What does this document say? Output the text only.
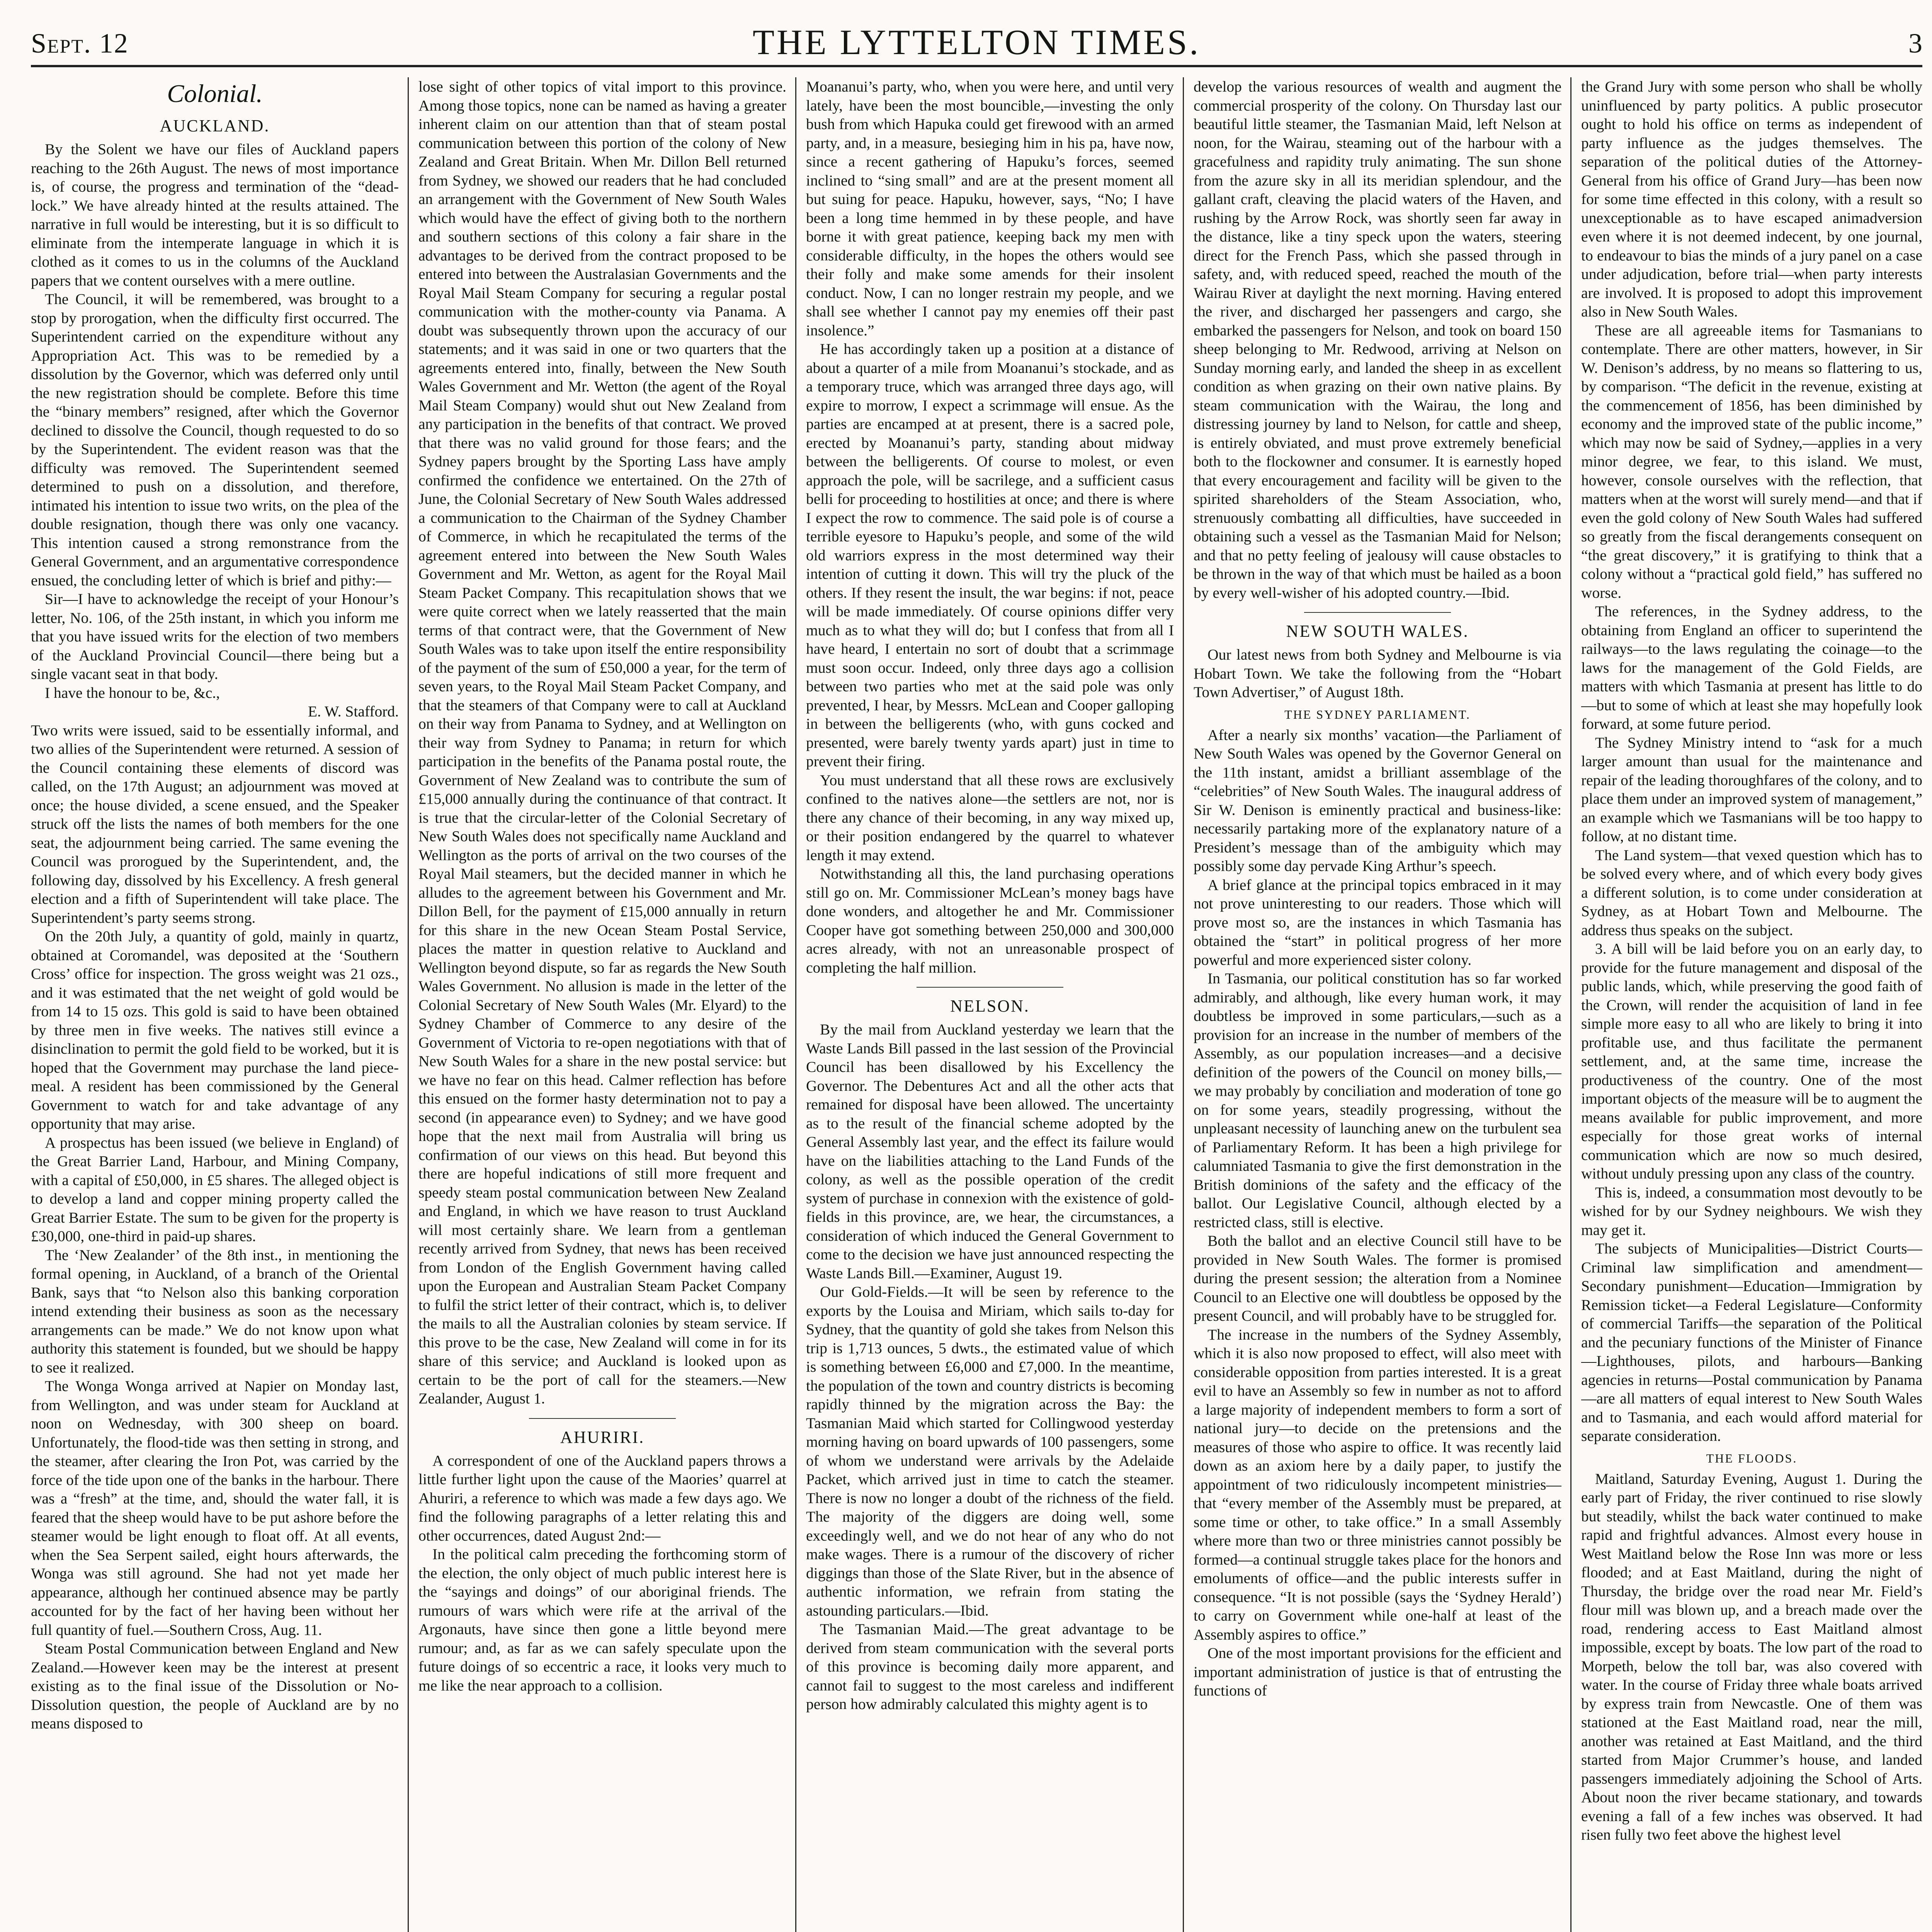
Sept. 12	THE LYTTELTON TIMES.	3
Colonial.
AUCKLAND.

By the Solent we have our files of Auckland papers reaching to the 26th August. The news of most importance is, of course, the progress and termination of the “dead-lock.” We have already hinted at the results attained. The narrative in full would be interesting, but it is so difficult to eliminate from the intemperate language in which it is clothed as it comes to us in the columns of the Auckland papers that we content ourselves with a mere outline.

The Council, it will be remembered, was brought to a stop by prorogation, when the difficulty first occurred. The Superintendent carried on the expenditure without any Appropriation Act. This was to be remedied by a dissolution by the Governor, which was deferred only until the new registration should be complete. Before this time the “binary members” resigned, after which the Governor declined to dissolve the Council, though requested to do so by the Superintendent. The evident reason was that the difficulty was removed. The Superintendent seemed determined to push on a dissolution, and therefore, intimated his intention to issue two writs, on the plea of the double resignation, though there was only one vacancy. This intention caused a strong remonstrance from the General Government, and an argumentative correspondence ensued, the concluding letter of which is brief and pithy:—

Sir—I have to acknowledge the receipt of your Honour’s letter, No. 106, of the 25th instant, in which you inform me that you have issued writs for the election of two members of the Auckland Provincial Council—there being but a single vacant seat in that body.

I have the honour to be, &c.,

E. W. Stafford.

Two writs were issued, said to be essentially informal, and two allies of the Superintendent were returned. A session of the Council containing these elements of discord was called, on the 17th August; an adjournment was moved at once; the house divided, a scene ensued, and the Speaker struck off the lists the names of both members for the one seat, the adjournment being carried. The same evening the Council was prorogued by the Superintendent, and, the following day, dissolved by his Excellency. A fresh general election and a fifth of Superintendent will take place. The Superintendent’s party seems strong.

On the 20th July, a quantity of gold, mainly in quartz, obtained at Coromandel, was deposited at the ‘Southern Cross’ office for inspection. The gross weight was 21 ozs., and it was estimated that the net weight of gold would be from 14 to 15 ozs. This gold is said to have been obtained by three men in five weeks. The natives still evince a disinclination to permit the gold field to be worked, but it is hoped that the Government may purchase the land piece-meal. A resident has been commissioned by the General Government to watch for and take advantage of any opportunity that may arise.

A prospectus has been issued (we believe in England) of the Great Barrier Land, Harbour, and Mining Company, with a capital of £50,000, in £5 shares. The alleged object is to develop a land and copper mining property called the Great Barrier Estate. The sum to be given for the property is £30,000, one-third in paid-up shares.

The ‘New Zealander’ of the 8th inst., in mentioning the formal opening, in Auckland, of a branch of the Oriental Bank, says that “to Nelson also this banking corporation intend extending their business as soon as the necessary arrangements can be made.” We do not know upon what authority this statement is founded, but we should be happy to see it realized.

The Wonga Wonga arrived at Napier on Monday last, from Wellington, and was under steam for Auckland at noon on Wednesday, with 300 sheep on board. Unfortunately, the flood-tide was then setting in strong, and the steamer, after clearing the Iron Pot, was carried by the force of the tide upon one of the banks in the harbour. There was a “fresh” at the time, and, should the water fall, it is feared that the sheep would have to be put ashore before the steamer would be light enough to float off. At all events, when the Sea Serpent sailed, eight hours afterwards, the Wonga was still aground. She had not yet made her appearance, although her continued absence may be partly accounted for by the fact of her having been without her full quantity of fuel.—Southern Cross, Aug. 11.

Steam Postal Communication between England and New Zealand.—However keen may be the interest at present existing as to the final issue of the Dissolution or No-Dissolution question, the people of Auckland are by no means disposed to

lose sight of other topics of vital import to this province. Among those topics, none can be named as having a greater inherent claim on our attention than that of steam postal communication between this portion of the colony of New Zealand and Great Britain. When Mr. Dillon Bell returned from Sydney, we showed our readers that he had concluded an arrangement with the Government of New South Wales which would have the effect of giving both to the northern and southern sections of this colony a fair share in the advantages to be derived from the contract proposed to be entered into between the Australasian Governments and the Royal Mail Steam Company for securing a regular postal communication with the mother-county via Panama. A doubt was subsequently thrown upon the accuracy of our statements; and it was said in one or two quarters that the agreements entered into, finally, between the New South Wales Government and Mr. Wetton (the agent of the Royal Mail Steam Company) would shut out New Zealand from any participation in the benefits of that contract. We proved that there was no valid ground for those fears; and the Sydney papers brought by the Sporting Lass have amply confirmed the confidence we entertained. On the 27th of June, the Colonial Secretary of New South Wales addressed a communication to the Chairman of the Sydney Chamber of Commerce, in which he recapitulated the terms of the agreement entered into between the New South Wales Government and Mr. Wetton, as agent for the Royal Mail Steam Packet Company. This recapitulation shows that we were quite correct when we lately reasserted that the main terms of that contract were, that the Government of New South Wales was to take upon itself the entire responsibility of the payment of the sum of £50,000 a year, for the term of seven years, to the Royal Mail Steam Packet Company, and that the steamers of that Company were to call at Auckland on their way from Panama to Sydney, and at Wellington on their way from Sydney to Panama; in return for which participation in the benefits of the Panama postal route, the Government of New Zealand was to contribute the sum of £15,000 annually during the continuance of that contract. It is true that the circular-letter of the Colonial Secretary of New South Wales does not specifically name Auckland and Wellington as the ports of arrival on the two courses of the Royal Mail steamers, but the decided manner in which he alludes to the agreement between his Government and Mr. Dillon Bell, for the payment of £15,000 annually in return for this share in the new Ocean Steam Postal Service, places the matter in question relative to Auckland and Wellington beyond dispute, so far as regards the New South Wales Government. No allusion is made in the letter of the Colonial Secretary of New South Wales (Mr. Elyard) to the Sydney Chamber of Commerce to any desire of the Government of Victoria to re-open negotiations with that of New South Wales for a share in the new postal service: but we have no fear on this head. Calmer reflection has before this ensued on the former hasty determination not to pay a second (in appearance even) to Sydney; and we have good hope that the next mail from Australia will bring us confirmation of our views on this head. But beyond this there are hopeful indications of still more frequent and speedy steam postal communication between New Zealand and England, in which we have reason to trust Auckland will most certainly share. We learn from a gentleman recently arrived from Sydney, that news has been received from London of the English Government having called upon the European and Australian Steam Packet Company to fulfil the strict letter of their contract, which is, to deliver the mails to all the Australian colonies by steam service. If this prove to be the case, New Zealand will come in for its share of this service; and Auckland is looked upon as certain to be the port of call for the steamers.—New Zealander, August 1.

AHURIRI.

A correspondent of one of the Auckland papers throws a little further light upon the cause of the Maories’ quarrel at Ahuriri, a reference to which was made a few days ago. We find the following paragraphs of a letter relating this and other occurrences, dated August 2nd:—

In the political calm preceding the forthcoming storm of the election, the only object of much public interest here is the “sayings and doings” of our aboriginal friends. The rumours of wars which were rife at the arrival of the Argonauts, have since then gone a little beyond mere rumour; and, as far as we can safely speculate upon the future doings of so eccentric a race, it looks very much to me like the near approach to a collision.

Moananui’s party, who, when you were here, and until very lately, have been the most bouncible,—investing the only bush from which Hapuka could get firewood with an armed party, and, in a measure, besieging him in his pa, have now, since a recent gathering of Hapuku’s forces, seemed inclined to “sing small” and are at the present moment all but suing for peace. Hapuku, however, says, “No; I have been a long time hemmed in by these people, and have borne it with great patience, keeping back my men with considerable difficulty, in the hopes the others would see their folly and make some amends for their insolent conduct. Now, I can no longer restrain my people, and we shall see whether I cannot pay my enemies off their past insolence.”

He has accordingly taken up a position at a distance of about a quarter of a mile from Moananui’s stockade, and as a temporary truce, which was arranged three days ago, will expire to morrow, I expect a scrimmage will ensue. As the parties are encamped at at present, there is a sacred pole, erected by Moananui’s party, standing about midway between the belligerents. Of course to molest, or even approach the pole, will be sacrilege, and a sufficient casus belli for proceeding to hostilities at once; and there is where I expect the row to commence. The said pole is of course a terrible eyesore to Hapuku’s people, and some of the wild old warriors express in the most determined way their intention of cutting it down. This will try the pluck of the others. If they resent the insult, the war begins: if not, peace will be made immediately. Of course opinions differ very much as to what they will do; but I confess that from all I have heard, I entertain no sort of doubt that a scrimmage must soon occur. Indeed, only three days ago a collision between two parties who met at the said pole was only prevented, I hear, by Messrs. McLean and Cooper galloping in between the belligerents (who, with guns cocked and presented, were barely twenty yards apart) just in time to prevent their firing.

You must understand that all these rows are exclusively confined to the natives alone—the settlers are not, nor is there any chance of their becoming, in any way mixed up, or their position endangered by the quarrel to whatever length it may extend.

Notwithstanding all this, the land purchasing operations still go on. Mr. Commissioner McLean’s money bags have done wonders, and altogether he and Mr. Commissioner Cooper have got something between 250,000 and 300,000 acres already, with not an unreasonable prospect of completing the half million.

NELSON.

By the mail from Auckland yesterday we learn that the Waste Lands Bill passed in the last session of the Provincial Council has been disallowed by his Excellency the Governor. The Debentures Act and all the other acts that remained for disposal have been allowed. The uncertainty as to the result of the financial scheme adopted by the General Assembly last year, and the effect its failure would have on the liabilities attaching to the Land Funds of the colony, as well as the possible operation of the credit system of purchase in connexion with the existence of gold-fields in this province, are, we hear, the circumstances, a consideration of which induced the General Government to come to the decision we have just announced respecting the Waste Lands Bill.—Examiner, August 19.

Our Gold-Fields.—It will be seen by reference to the exports by the Louisa and Miriam, which sails to-day for Sydney, that the quantity of gold she takes from Nelson this trip is 1,713 ounces, 5 dwts., the estimated value of which is something between £6,000 and £7,000. In the meantime, the population of the town and country districts is becoming rapidly thinned by the migration across the Bay: the Tasmanian Maid which started for Collingwood yesterday morning having on board upwards of 100 passengers, some of whom we understand were arrivals by the Adelaide Packet, which arrived just in time to catch the steamer. There is now no longer a doubt of the richness of the field. The majority of the diggers are doing well, some exceedingly well, and we do not hear of any who do not make wages. There is a rumour of the discovery of richer diggings than those of the Slate River, but in the absence of authentic information, we refrain from stating the astounding particulars.—Ibid.

The Tasmanian Maid.—The great advantage to be derived from steam communication with the several ports of this province is becoming daily more apparent, and cannot fail to suggest to the most careless and indifferent person how admirably calculated this mighty agent is to

develop the various resources of wealth and augment the commercial prosperity of the colony. On Thursday last our beautiful little steamer, the Tasmanian Maid, left Nelson at noon, for the Wairau, steaming out of the harbour with a gracefulness and rapidity truly animating. The sun shone from the azure sky in all its meridian splendour, and the gallant craft, cleaving the placid waters of the Haven, and rushing by the Arrow Rock, was shortly seen far away in the distance, like a tiny speck upon the waters, steering direct for the French Pass, which she passed through in safety, and, with reduced speed, reached the mouth of the Wairau River at daylight the next morning. Having entered the river, and discharged her passengers and cargo, she embarked the passengers for Nelson, and took on board 150 sheep belonging to Mr. Redwood, arriving at Nelson on Sunday morning early, and landed the sheep in as excellent condition as when grazing on their own native plains. By steam communication with the Wairau, the long and distressing journey by land to Nelson, for cattle and sheep, is entirely obviated, and must prove extremely beneficial both to the flockowner and consumer. It is earnestly hoped that every encouragement and facility will be given to the spirited shareholders of the Steam Association, who, strenuously combatting all difficulties, have succeeded in obtaining such a vessel as the Tasmanian Maid for Nelson; and that no petty feeling of jealousy will cause obstacles to be thrown in the way of that which must be hailed as a boon by every well-wisher of his adopted country.—Ibid.

NEW SOUTH WALES.

Our latest news from both Sydney and Melbourne is via Hobart Town. We take the following from the “Hobart Town Advertiser,” of August 18th.

THE SYDNEY PARLIAMENT.

After a nearly six months’ vacation—the Parliament of New South Wales was opened by the Governor General on the 11th instant, amidst a brilliant assemblage of the “celebrities” of New South Wales. The inaugural address of Sir W. Denison is eminently practical and business-like: necessarily partaking more of the explanatory nature of a President’s message than of the ambiguity which may possibly some day pervade King Arthur’s speech.

A brief glance at the principal topics embraced in it may not prove uninteresting to our readers. Those which will prove most so, are the instances in which Tasmania has obtained the “start” in political progress of her more powerful and more experienced sister colony.

In Tasmania, our political constitution has so far worked admirably, and although, like every human work, it may doubtless be improved in some particulars,—such as a provision for an increase in the number of members of the Assembly, as our population increases—and a decisive definition of the powers of the Council on money bills,—we may probably by conciliation and moderation of tone go on for some years, steadily progressing, without the unpleasant necessity of launching anew on the turbulent sea of Parliamentary Reform. It has been a high privilege for calumniated Tasmania to give the first demonstration in the British dominions of the safety and the efficacy of the ballot. Our Legislative Council, although elected by a restricted class, still is elective.

Both the ballot and an elective Council still have to be provided in New South Wales. The former is promised during the present session; the alteration from a Nominee Council to an Elective one will doubtless be opposed by the present Council, and will probably have to be struggled for.

The increase in the numbers of the Sydney Assembly, which it is also now proposed to effect, will also meet with considerable opposition from parties interested. It is a great evil to have an Assembly so few in number as not to afford a large majority of independent members to form a sort of national jury—to decide on the pretensions and the measures of those who aspire to office. It was recently laid down as an axiom here by a daily paper, to justify the appointment of two ridiculously incompetent ministries—that “every member of the Assembly must be prepared, at some time or other, to take office.” In a small Assembly where more than two or three ministries cannot possibly be formed—a continual struggle takes place for the honors and emoluments of office—and the public interests suffer in consequence. “It is not possible (says the ‘Sydney Herald’) to carry on Government while one-half at least of the Assembly aspires to office.”

One of the most important provisions for the efficient and important administration of justice is that of entrusting the functions of

the Grand Jury with some person who shall be wholly uninfluenced by party politics. A public prosecutor ought to hold his office on terms as independent of party influence as the judges themselves. The separation of the political duties of the Attorney-General from his office of Grand Jury—has been now for some time effected in this colony, with a result so unexceptionable as to have escaped animadversion even where it is not deemed indecent, by one journal, to endeavour to bias the minds of a jury panel on a case under adjudication, before trial—when party interests are involved. It is proposed to adopt this improvement also in New South Wales.

These are all agreeable items for Tasmanians to contemplate. There are other matters, however, in Sir W. Denison’s address, by no means so flattering to us, by comparison. “The deficit in the revenue, existing at the commencement of 1856, has been diminished by economy and the improved state of the public income,” which may now be said of Sydney,—applies in a very minor degree, we fear, to this island. We must, however, console ourselves with the reflection, that matters when at the worst will surely mend—and that if even the gold colony of New South Wales had suffered so greatly from the fiscal derangements consequent on “the great discovery,” it is gratifying to think that a colony without a “practical gold field,” has suffered no worse.

The references, in the Sydney address, to the obtaining from England an officer to superintend the railways—to the laws regulating the coinage—to the laws for the management of the Gold Fields, are matters with which Tasmania at present has little to do—but to some of which at least she may hopefully look forward, at some future period.

The Sydney Ministry intend to “ask for a much larger amount than usual for the maintenance and repair of the leading thoroughfares of the colony, and to place them under an improved system of management,” an example which we Tasmanians will be too happy to follow, at no distant time.

The Land system—that vexed question which has to be solved every where, and of which every body gives a different solution, is to come under consideration at Sydney, as at Hobart Town and Melbourne. The address thus speaks on the subject.

3. A bill will be laid before you on an early day, to provide for the future management and disposal of the public lands, which, while preserving the good faith of the Crown, will render the acquisition of land in fee simple more easy to all who are likely to bring it into profitable use, and thus facilitate the permanent settlement, and, at the same time, increase the productiveness of the country. One of the most important objects of the measure will be to augment the means available for public improvement, and more especially for those great works of internal communication which are now so much desired, without unduly pressing upon any class of the country.

This is, indeed, a consummation most devoutly to be wished for by our Sydney neighbours. We wish they may get it.

The subjects of Municipalities—District Courts—Criminal law simplification and amendment—Secondary punishment—Education—Immigration by Remission ticket—a Federal Legislature—Conformity of commercial Tariffs—the separation of the Political and the pecuniary functions of the Minister of Finance—Lighthouses, pilots, and harbours—Banking agencies in returns—Postal communication by Panama—are all matters of equal interest to New South Wales and to Tasmania, and each would afford material for separate consideration.

THE FLOODS.

Maitland, Saturday Evening, August 1. During the early part of Friday, the river continued to rise slowly but steadily, whilst the back water continued to make rapid and frightful advances. Almost every house in West Maitland below the Rose Inn was more or less flooded; and at East Maitland, during the night of Thursday, the bridge over the road near Mr. Field’s flour mill was blown up, and a breach made over the road, rendering access to East Maitland almost impossible, except by boats. The low part of the road to Morpeth, below the toll bar, was also covered with water. In the course of Friday three whale boats arrived by express train from Newcastle. One of them was stationed at the East Maitland road, near the mill, another was retained at East Maitland, and the third started from Major Crummer’s house, and landed passengers immediately adjoining the School of Arts. About noon the river became stationary, and towards evening a fall of a few inches was observed. It had risen fully two feet above the highest level
